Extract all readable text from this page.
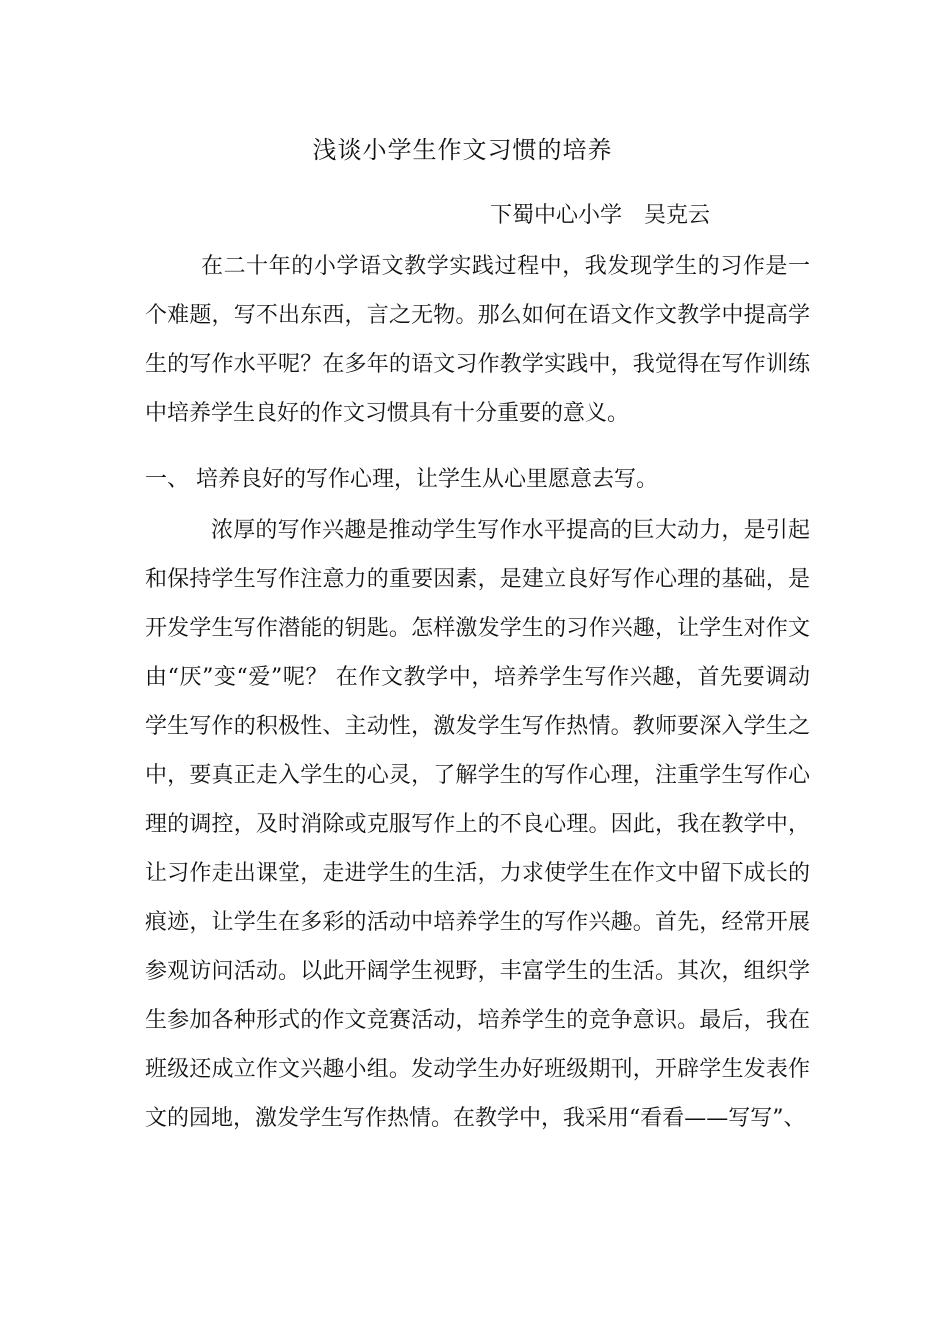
浅谈小学生作文习惯的培养
下蜀中心小学　吴克云

在二十年的小学语文教学实践过程中，我发现学生的习作是一个难题，写不出东西，言之无物。那么如何在语文作文教学中提高学生的写作水平呢？在多年的语文习作教学实践中，我觉得在写作训练中培养学生良好的作文习惯具有十分重要的意义。

一、 培养良好的写作心理，让学生从心里愿意去写。

浓厚的写作兴趣是推动学生写作水平提高的巨大动力，是引起和保持学生写作注意力的重要因素，是建立良好写作心理的基础，是开发学生写作潜能的钥匙。怎样激发学生的习作兴趣，让学生对作文由“厌”变“爱”呢？ 在作文教学中，培养学生写作兴趣，首先要调动学生写作的积极性、主动性，激发学生写作热情。教师要深入学生之中，要真正走入学生的心灵，了解学生的写作心理，注重学生写作心理的调控，及时消除或克服写作上的不良心理。因此，我在教学中，让习作走出课堂，走进学生的生活，力求使学生在作文中留下成长的痕迹，让学生在多彩的活动中培养学生的写作兴趣。首先，经常开展参观访问活动。以此开阔学生视野，丰富学生的生活。其次，组织学生参加各种形式的作文竞赛活动，培养学生的竞争意识。最后，我在班级还成立作文兴趣小组。发动学生办好班级期刊，开辟学生发表作文的园地，激发学生写作热情。在教学中，我采用“看看——写写”、
